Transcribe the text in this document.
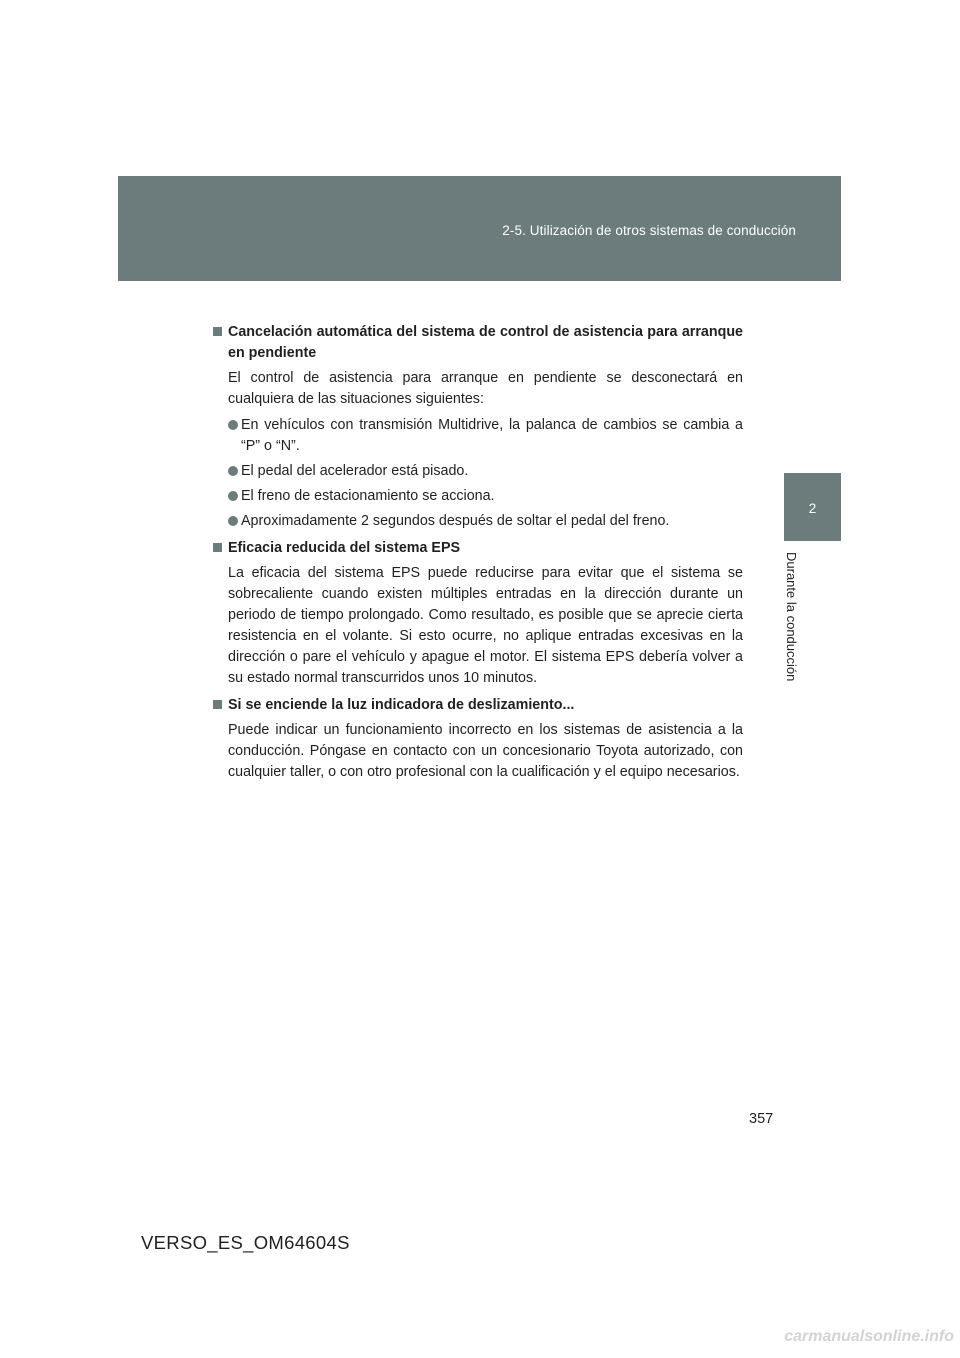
2-5. Utilización de otros sistemas de conducción
2
Durante la conducción
Cancelación automática del sistema de control de asistencia para arranque en pendiente
El control de asistencia para arranque en pendiente se desconectará en cualquiera de las situaciones siguientes:
En vehículos con transmisión Multidrive, la palanca de cambios se cambia a “P” o “N”.
El pedal del acelerador está pisado.
El freno de estacionamiento se acciona.
Aproximadamente 2 segundos después de soltar el pedal del freno.
Eficacia reducida del sistema EPS
La eficacia del sistema EPS puede reducirse para evitar que el sistema se sobrecaliente cuando existen múltiples entradas en la dirección durante un periodo de tiempo prolongado. Como resultado, es posible que se aprecie cierta resistencia en el volante. Si esto ocurre, no aplique entradas excesivas en la dirección o pare el vehículo y apague el motor. El sistema EPS debería volver a su estado normal transcurridos unos 10 minutos.
Si se enciende la luz indicadora de deslizamiento...
Puede indicar un funcionamiento incorrecto en los sistemas de asistencia a la conducción. Póngase en contacto con un concesionario Toyota autorizado, con cualquier taller, o con otro profesional con la cualificación y el equipo necesarios.
357
VERSO_ES_OM64604S
carmanualsonline.info
